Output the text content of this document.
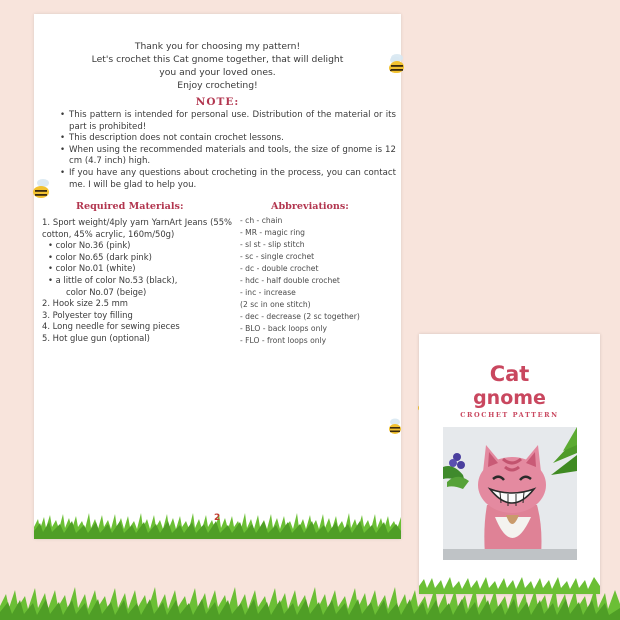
Thank you for choosing my pattern!
Let's crochet this Cat gnome together, that will delight
you and your loved ones.
Enjoy crocheting!
NOTE:
• This pattern is intended for personal use. Distribution of the material or its part is prohibited!
• This description does not contain crochet lessons.
• When using the recommended materials and tools, the size of gnome is 12 cm (4.7 inch) high.
• If you have any questions about crocheting in the process, you can contact me. I will be glad to help you.
Required Materials:	Abbreviations:
1. Sport weight/4ply yarn YarnArt Jeans (55% cotton, 45% acrylic, 160m/50g)
• color No.36 (pink)
• color No.65 (dark pink)
• color No.01 (white)
• a little of color No.53 (black),
color No.07 (beige)
2. Hook size 2.5 mm
3. Polyester toy filling
4. Long needle for sewing pieces
5. Hot glue gun (optional)
- ch - chain
- MR - magic ring
- sl st - slip stitch
- sc - single crochet
- dc - double crochet
- hdc - half double crochet
- inc - increase
(2 sc in one stitch)
- dec - decrease (2 sc together)
- BLO - back loops only
- FLO - front loops only
2
Cat
gnome
CROCHET PATTERN
